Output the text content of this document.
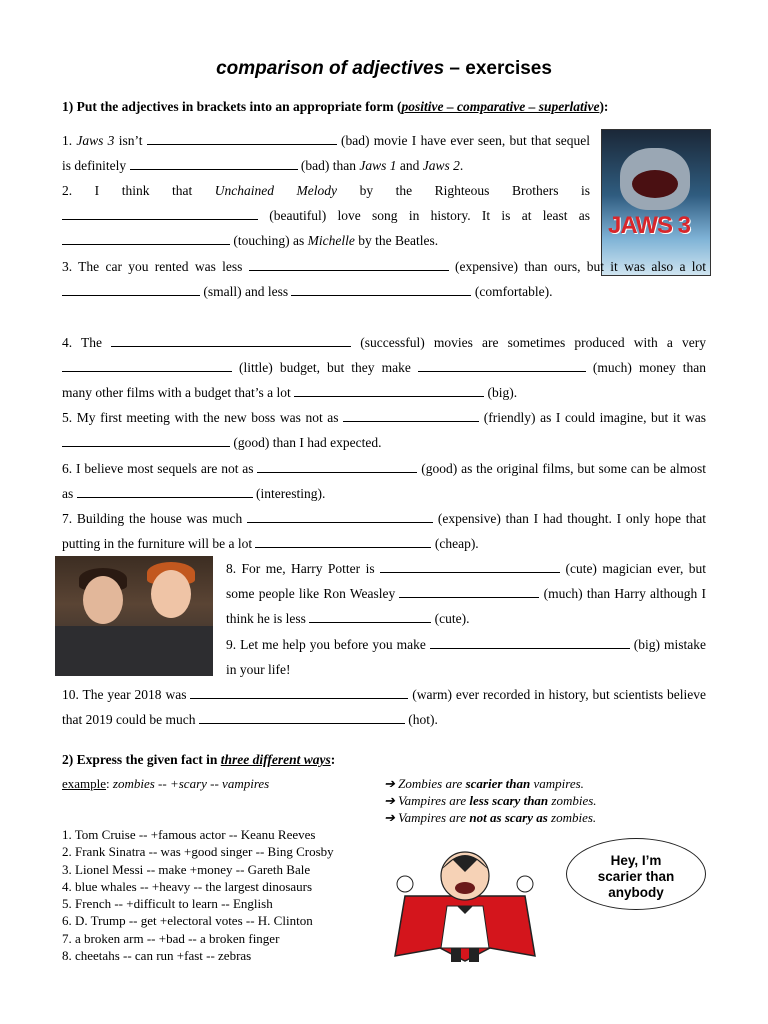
comparison of adjectives – exercises
1) Put the adjectives in brackets into an appropriate form (positive – comparative – superlative):
1. Jaws 3 isn’t	(bad) movie I have ever seen, but that sequel is definitely	(bad) than Jaws 1 and Jaws 2.
2. I think that Unchained Melody by the Righteous Brothers is  (beautiful) love song in history. It is at least as  (touching) as Michelle by the Beatles.
JAWS 3
3. The car you rented was less	(expensive) than ours, but it was also a lot  (small) and less	(comfortable).
4. The	(successful) movies are sometimes produced with a very  (little) budget, but they make	(much) money than many other films with a budget that’s a lot	(big).
5. My first meeting with the new boss was not as	(friendly) as I could imagine, but it was  (good) than I had expected.
6. I believe most sequels are not as	(good) as the original films, but some can be almost as	(interesting).
7. Building the house was much	(expensive) than I had thought. I only hope that putting in the furniture will be a lot	(cheap).
8. For me, Harry Potter is	(cute) magician ever, but some people like Ron Weasley	(much) than Harry although I think he is less	(cute).
9. Let me help you before you make	(big) mistake in your life!
10. The year 2018 was	(warm) ever recorded in history, but scientists believe that 2019 could be much	(hot).
2) Express the given fact in three different ways:
example: zombies -- +scary -- vampires	➔ Zombies are scarier than vampires.
➔ Vampires are less scary than zombies.
➔ Vampires are not as scary as zombies.
1. Tom Cruise -- +famous actor -- Keanu Reeves
2. Frank Sinatra -- was +good singer -- Bing Crosby
3. Lionel Messi -- make +money -- Gareth Bale
4. blue whales -- +heavy -- the largest dinosaurs
5. French -- +difficult to learn -- English
6. D. Trump -- get +electoral votes -- H. Clinton
7. a broken arm -- +bad -- a broken finger
8. cheetahs -- can run +fast -- zebras
Hey, I’m
scarier than
anybody
